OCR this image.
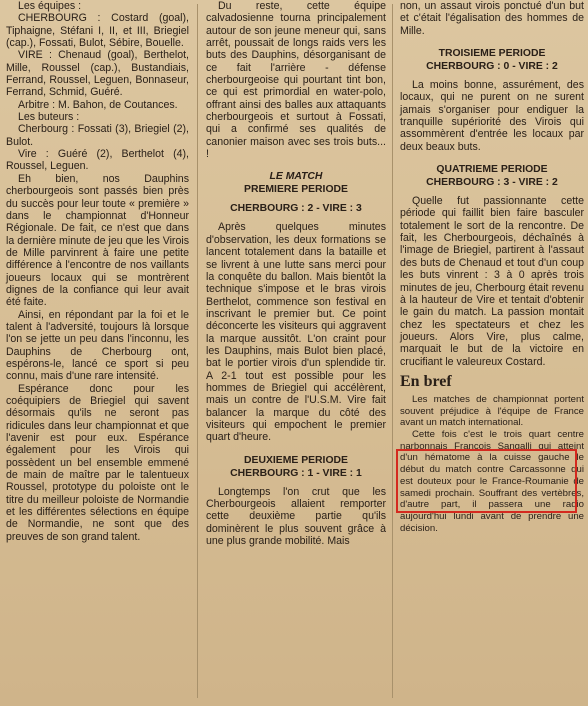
Les équipes :

CHERBOURG : Costard (goal), Tiphaigne, Stéfani I, II, et III, Briegiel (cap.), Fossati, Bulot, Sébire, Bouelle.

VIRE : Chenaud (goal), Berthelot, Mille, Roussel (cap.), Bustandiais, Ferrand, Roussel, Leguen, Bonnaseur, Ferrand, Schmid, Guéré.

Arbitre : M. Bahon, de Coutances.

Les buteurs :

Cherbourg : Fossati (3), Briegiel (2), Bulot.

Vire : Guéré (2), Berthelot (4), Roussel, Leguen.

Eh bien, nos Dauphins cherbourgeois sont passés bien près du succès pour leur toute « première » dans le championnat d'Honneur Régionale. De fait, ce n'est que dans la dernière minute de jeu que les Virois de Mille parvinrent à faire une petite différence à l'encontre de nos vaillants joueurs locaux qui se montrèrent dignes de la confiance qui leur avait été faite.

Ainsi, en répondant par la foi et le talent à l'adversité, toujours là lorsque l'on se jette un peu dans l'inconnu, les Dauphins de Cherbourg ont, espérons-le, lancé ce sport si peu connu, mais d'une rare intensité.

Espérance donc pour les coéquipiers de Briegiel qui savent désormais qu'ils ne seront pas ridicules dans leur championnat et que l'avenir est pour eux. Espérance également pour les Virois qui possèdent un bel ensemble emmené de main de maître par le talentueux Roussel, prototype du poloiste ont le titre du meilleur poloiste de Normandie et les différentes sélections en équipe de Normandie, ne sont que des preuves de son grand talent.

Du reste, cette équipe calvadosienne tourna principalement autour de son jeune meneur qui, sans arrêt, poussait de longs raids vers les buts des Dauphins, désorganisant de ce fait l'arrière - défense cherbourgeoise qui pourtant tint bon, ce qui est primordial en water-polo, offrant ainsi des balles aux attaquants cherbourgeois et surtout à Fossati, qui a confirmé ses qualités de canonier maison avec ses trois buts... !

LE MATCH

PREMIERE PERIODE

CHERBOURG : 2 - VIRE : 3

Après quelques minutes d'observation, les deux formations se lancent totalement dans la bataille et se livrent à une lutte sans merci pour la conquête du ballon. Mais bientôt la technique s'impose et le bras virois Berthelot, commence son festival en inscrivant le premier but. Ce point déconcerte les visiteurs qui aggravent la marque aussitôt. L'on craint pour les Dauphins, mais Bulot bien placé, bat le portier virois d'un splendide tir. A 2-1 tout est possible pour les hommes de Briegiel qui accélèrent, mais un contre de l'U.S.M. Vire fait balancer la marque du côté des visiteurs qui empochent le premier quart d'heure.

DEUXIEME PERIODE

CHERBOURG : 1 - VIRE : 1

Longtemps l'on crut que les Cherbourgeois allaient remporter cette deuxième partie qu'ils dominèrent le plus souvent grâce à une plus grande mobilité. Mais

non, un assaut virois ponctué d'un but et c'était l'égalisation des hommes de Mille.

TROISIEME PERIODE

CHERBOURG : 0 - VIRE : 2

La moins bonne, assurément, des locaux, qui ne purent on ne surent jamais s'organiser pour endiguer la tranquille supériorité des Virois qui assommèrent d'entrée les locaux par deux beaux buts.

QUATRIEME PERIODE

CHERBOURG : 3 - VIRE : 2

Quelle fut passionnante cette période qui faillit bien faire basculer totalement le sort de la rencontre. De fait, les Cherbourgeois, déchaînés à l'image de Briegiel, partirent à l'assaut des buts de Chenaud et tout d'un coup les buts vinrent : 3 à 0 après trois minutes de jeu, Cherbourg était revenu à la hauteur de Vire et tentait d'obtenir le gain du match. La passion montait chez les spectateurs et chez les joueurs. Alors Vire, plus calme, marquait le but de la victoire en crucifiant le valeureux Costard.

En bref

Les matches de championnat portent souvent préjudice à l'équipe de France avant un match international.

Cette fois c'est le trois quart centre narbonnais François Sangalli qui atteint d'un hématome à la cuisse gauche le début du match contre Carcassonne qui est douteux pour le France-Roumanie de samedi prochain. Souffrant des vertèbres, d'autre part, il passera une radio aujourd'hui lundi avant de prendre une décision.
